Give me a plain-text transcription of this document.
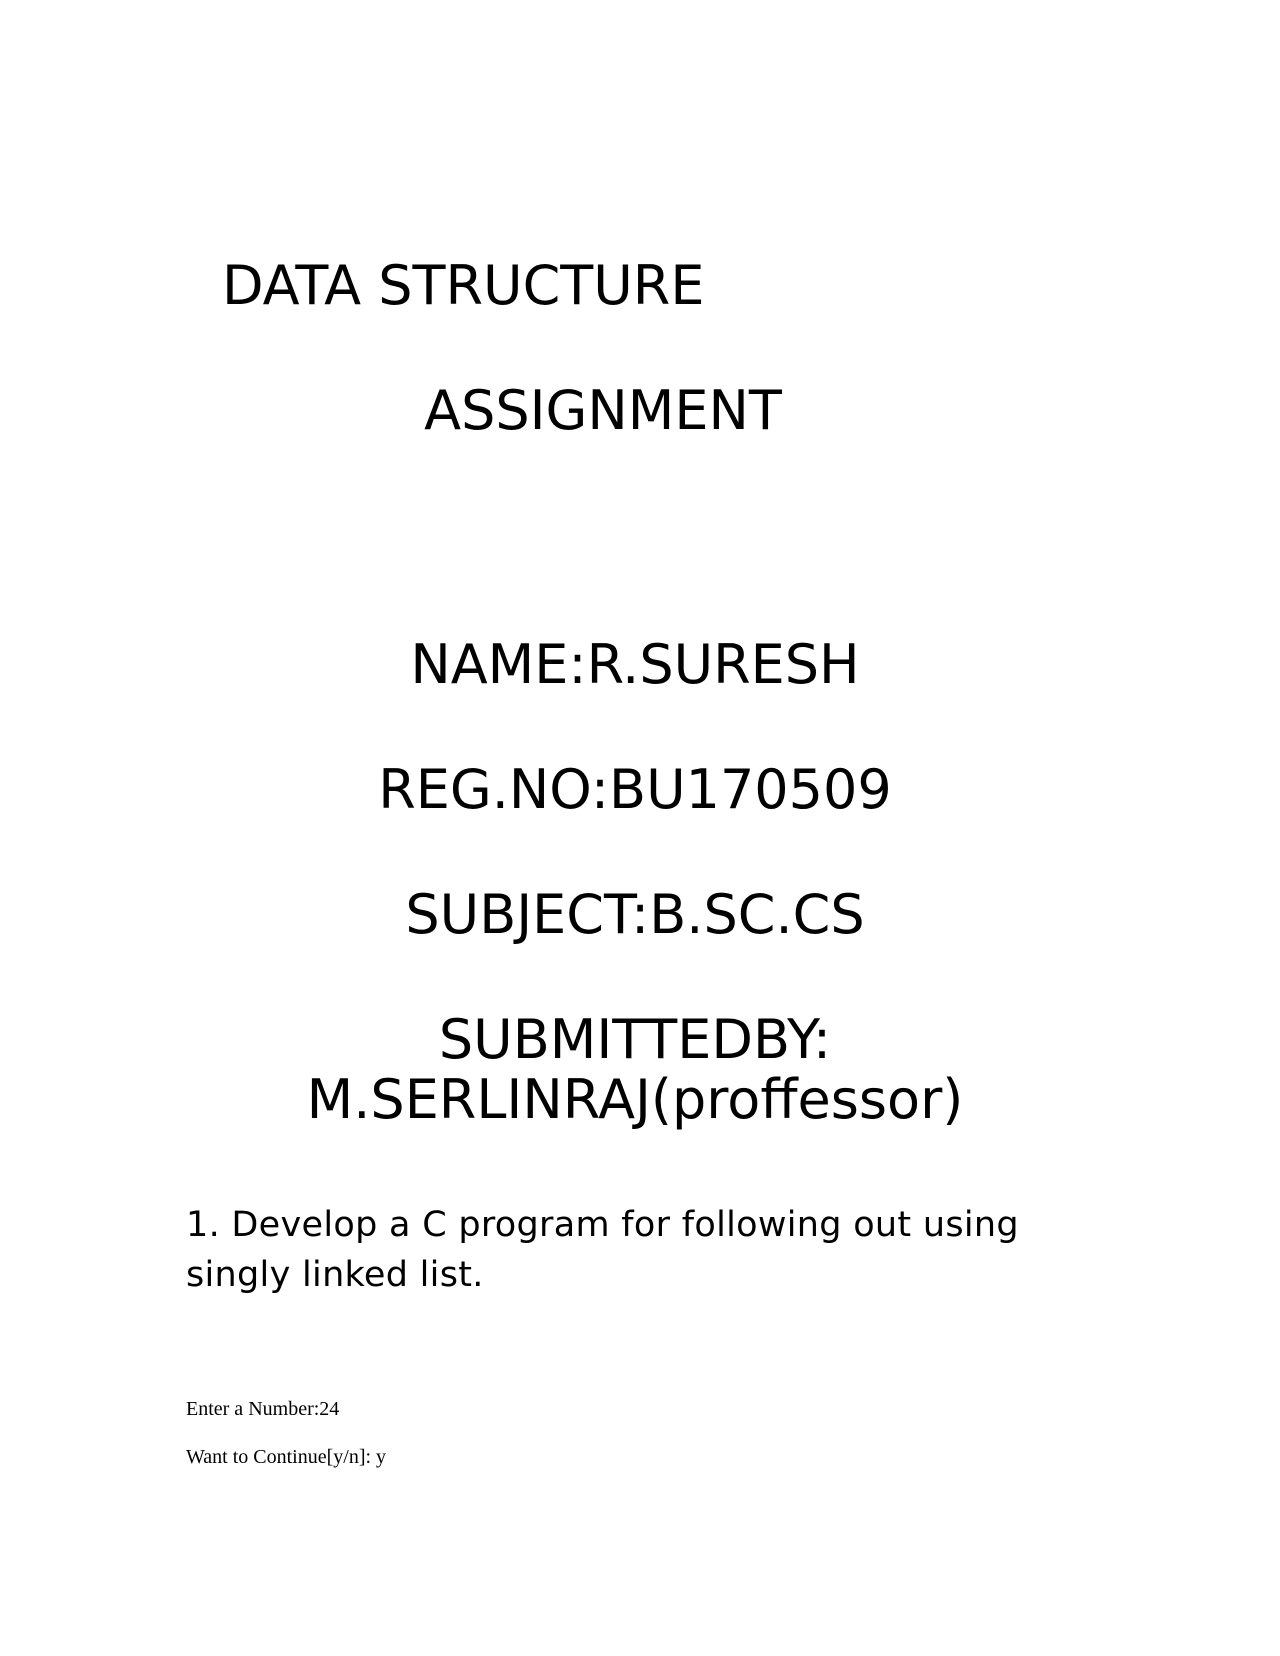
DATA STRUCTURE
ASSIGNMENT
NAME:R.SURESH
REG.NO:BU170509
SUBJECT:B.SC.CS
SUBMITTEDBY:
M.SERLINRAJ(proffessor)
1. Develop a C program for following out using singly linked list.
Enter a Number:24
Want to Continue[y/n]: y
